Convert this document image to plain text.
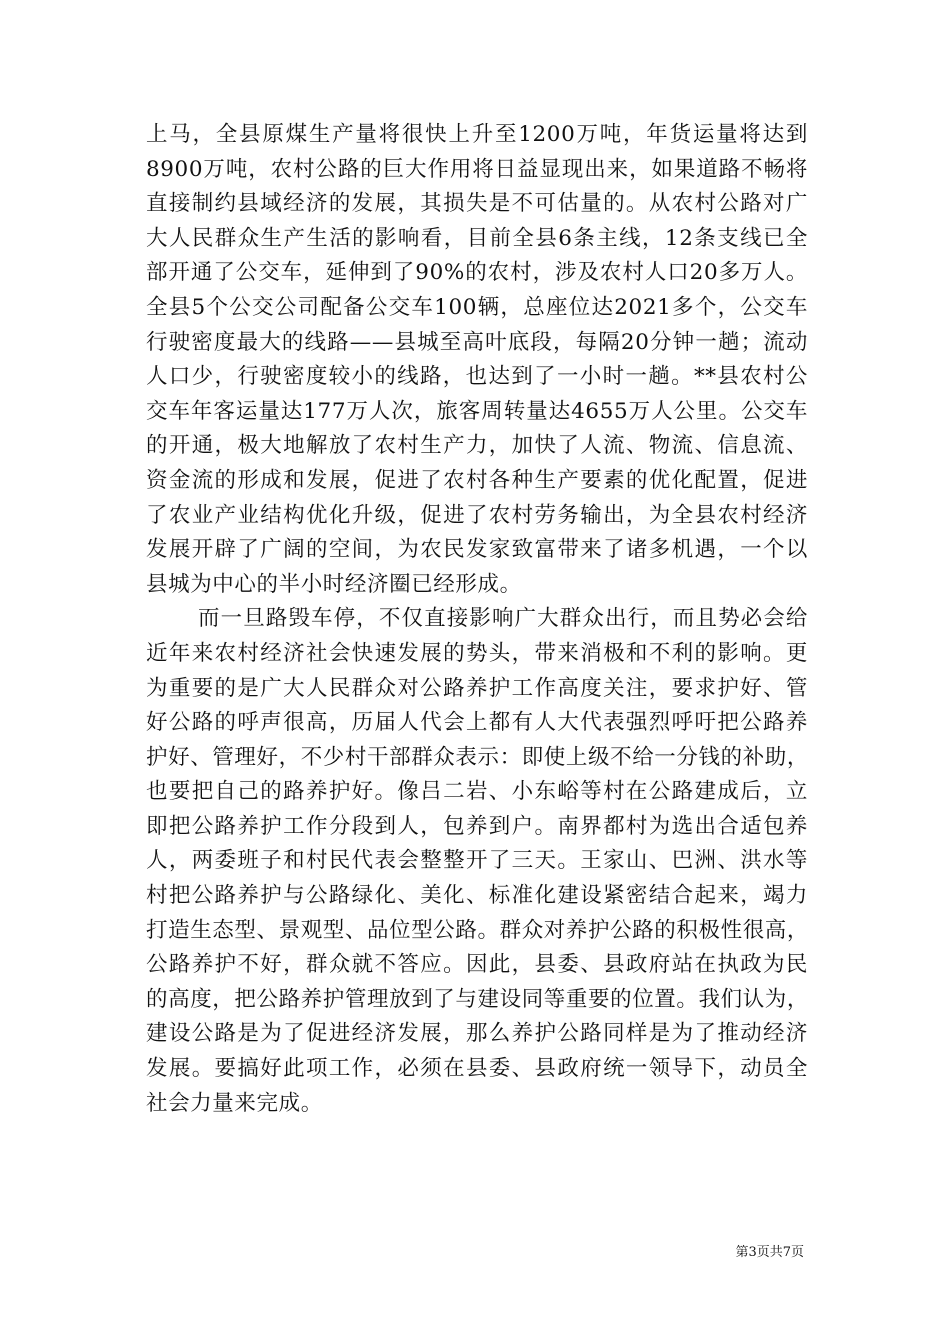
上马，全县原煤生产量将很快上升至1200万吨，年货运量将达到
8900万吨，农村公路的巨大作用将日益显现出来，如果道路不畅将
直接制约县域经济的发展，其损失是不可估量的。从农村公路对广
大人民群众生产生活的影响看，目前全县6条主线，12条支线已全
部开通了公交车，延伸到了90%的农村，涉及农村人口20多万人。
全县5个公交公司配备公交车100辆，总座位达2021多个，公交车
行驶密度最大的线路——县城至高叶底段，每隔20分钟一趟；流动
人口少，行驶密度较小的线路，也达到了一小时一趟。**县农村公
交车年客运量达177万人次，旅客周转量达4655万人公里。公交车
的开通，极大地解放了农村生产力，加快了人流、物流、信息流、
资金流的形成和发展，促进了农村各种生产要素的优化配置，促进
了农业产业结构优化升级，促进了农村劳务输出，为全县农村经济
发展开辟了广阔的空间，为农民发家致富带来了诸多机遇，一个以
县城为中心的半小时经济圈已经形成。
而一旦路毁车停，不仅直接影响广大群众出行，而且势必会给
近年来农村经济社会快速发展的势头，带来消极和不利的影响。更
为重要的是广大人民群众对公路养护工作高度关注，要求护好、管
好公路的呼声很高，历届人代会上都有人大代表强烈呼吁把公路养
护好、管理好，不少村干部群众表示：即使上级不给一分钱的补助，
也要把自己的路养护好。像吕二岩、小东峪等村在公路建成后，立
即把公路养护工作分段到人，包养到户。南界都村为选出合适包养
人，两委班子和村民代表会整整开了三天。王家山、巴洲、洪水等
村把公路养护与公路绿化、美化、标准化建设紧密结合起来，竭力
打造生态型、景观型、品位型公路。群众对养护公路的积极性很高，
公路养护不好，群众就不答应。因此，县委、县政府站在执政为民
的高度，把公路养护管理放到了与建设同等重要的位置。我们认为，
建设公路是为了促进经济发展，那么养护公路同样是为了推动经济
发展。要搞好此项工作，必须在县委、县政府统一领导下，动员全
社会力量来完成。
第3页共7页
